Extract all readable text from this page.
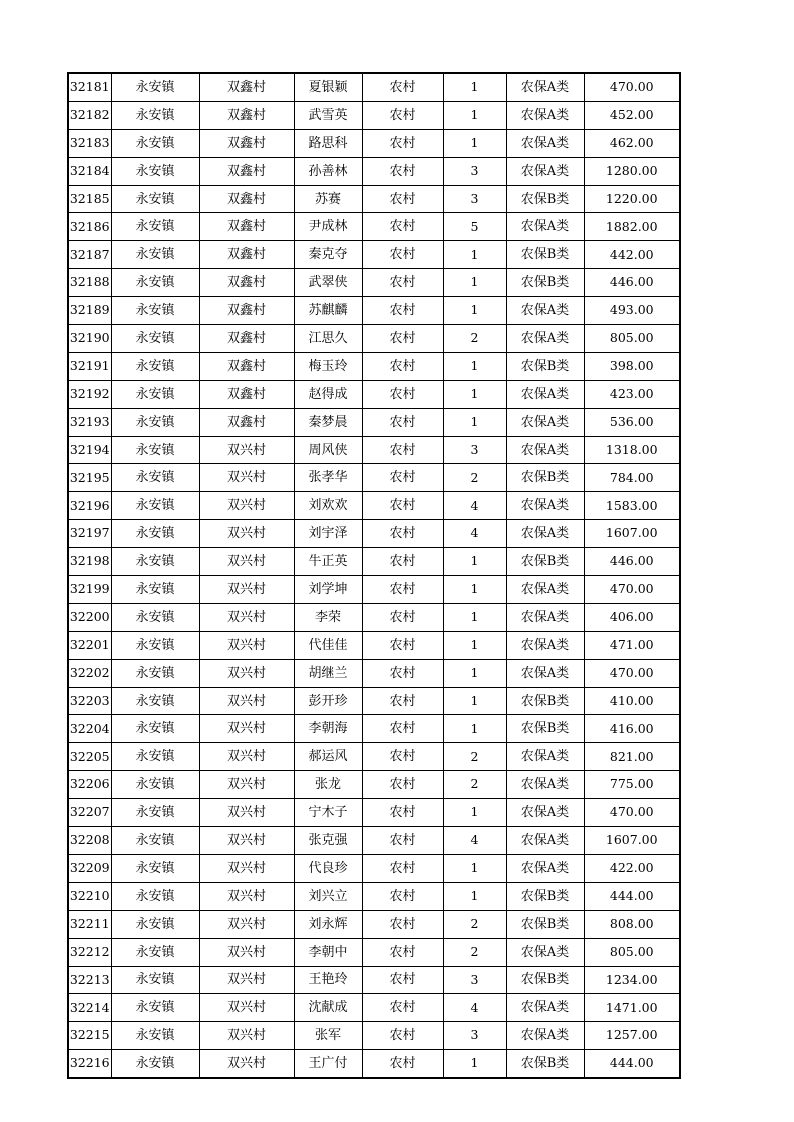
32181	永安镇	双鑫村	夏银颖	农村	1	农保A类	470.00
32182	永安镇	双鑫村	武雪英	农村	1	农保A类	452.00
32183	永安镇	双鑫村	路思科	农村	1	农保A类	462.00
32184	永安镇	双鑫村	孙善林	农村	3	农保A类	1280.00
32185	永安镇	双鑫村	苏赛	农村	3	农保B类	1220.00
32186	永安镇	双鑫村	尹成林	农村	5	农保A类	1882.00
32187	永安镇	双鑫村	秦克夺	农村	1	农保B类	442.00
32188	永安镇	双鑫村	武翠侠	农村	1	农保B类	446.00
32189	永安镇	双鑫村	苏麒麟	农村	1	农保A类	493.00
32190	永安镇	双鑫村	江思久	农村	2	农保A类	805.00
32191	永安镇	双鑫村	梅玉玲	农村	1	农保B类	398.00
32192	永安镇	双鑫村	赵得成	农村	1	农保A类	423.00
32193	永安镇	双鑫村	秦梦晨	农村	1	农保A类	536.00
32194	永安镇	双兴村	周风侠	农村	3	农保A类	1318.00
32195	永安镇	双兴村	张孝华	农村	2	农保B类	784.00
32196	永安镇	双兴村	刘欢欢	农村	4	农保A类	1583.00
32197	永安镇	双兴村	刘宇泽	农村	4	农保A类	1607.00
32198	永安镇	双兴村	牛正英	农村	1	农保B类	446.00
32199	永安镇	双兴村	刘学坤	农村	1	农保A类	470.00
32200	永安镇	双兴村	李荣	农村	1	农保A类	406.00
32201	永安镇	双兴村	代佳佳	农村	1	农保A类	471.00
32202	永安镇	双兴村	胡继兰	农村	1	农保A类	470.00
32203	永安镇	双兴村	彭开珍	农村	1	农保B类	410.00
32204	永安镇	双兴村	李朝海	农村	1	农保B类	416.00
32205	永安镇	双兴村	郝运风	农村	2	农保A类	821.00
32206	永安镇	双兴村	张龙	农村	2	农保A类	775.00
32207	永安镇	双兴村	宁木子	农村	1	农保A类	470.00
32208	永安镇	双兴村	张克强	农村	4	农保A类	1607.00
32209	永安镇	双兴村	代良珍	农村	1	农保A类	422.00
32210	永安镇	双兴村	刘兴立	农村	1	农保B类	444.00
32211	永安镇	双兴村	刘永辉	农村	2	农保B类	808.00
32212	永安镇	双兴村	李朝中	农村	2	农保A类	805.00
32213	永安镇	双兴村	王艳玲	农村	3	农保B类	1234.00
32214	永安镇	双兴村	沈献成	农村	4	农保A类	1471.00
32215	永安镇	双兴村	张军	农村	3	农保A类	1257.00
32216	永安镇	双兴村	王广付	农村	1	农保B类	444.00
